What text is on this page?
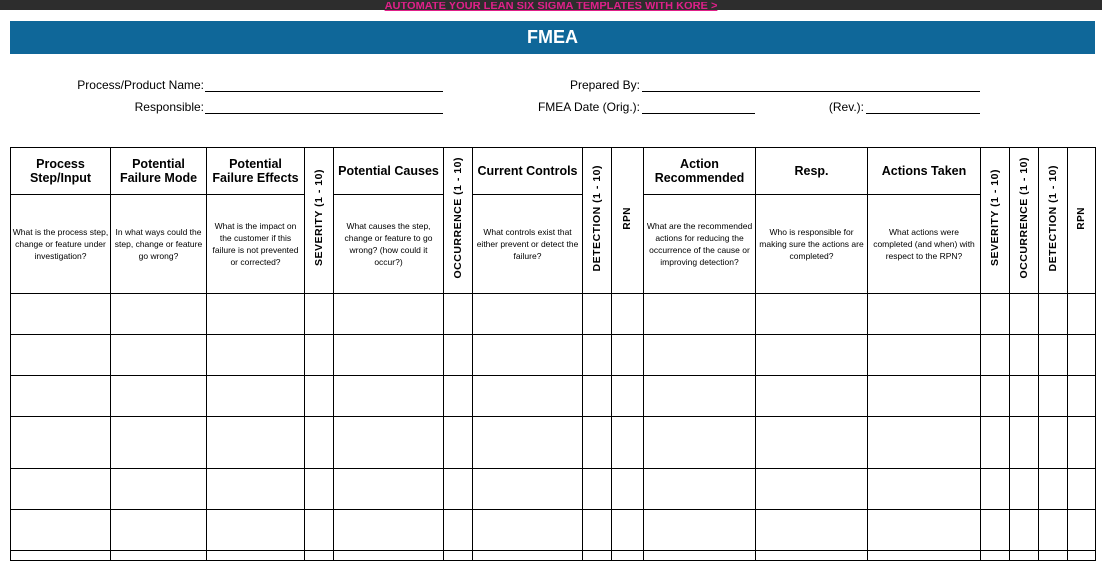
AUTOMATE YOUR LEAN SIX SIGMA TEMPLATES WITH KORE >
FMEA
Process/Product Name:
Responsible:
Prepared By:
FMEA Date (Orig.):	(Rev.):
Process Step/Input	Potential Failure Mode	Potential Failure Effects	SEVERITY (1 - 10)	Potential Causes	OCCURRENCE (1 - 10)	Current Controls	DETECTION (1 - 10)	RPN	Action Recommended	Resp.	Actions Taken	SEVERITY (1 - 10)	OCCURRENCE (1 - 10)	DETECTION (1 - 10)	RPN
What is the process step, change or feature under investigation?	In what ways could the step, change or feature go wrong?	What is the impact on the customer if this failure is not prevented or corrected?		What causes the step, change or feature to go wrong? (how could it occur?)		What controls exist that either prevent or detect the failure?			What are the recommended actions for reducing the occurrence of the cause or improving detection?	Who is responsible for making sure the actions are completed?	What actions were completed (and when) with respect to the RPN?				
